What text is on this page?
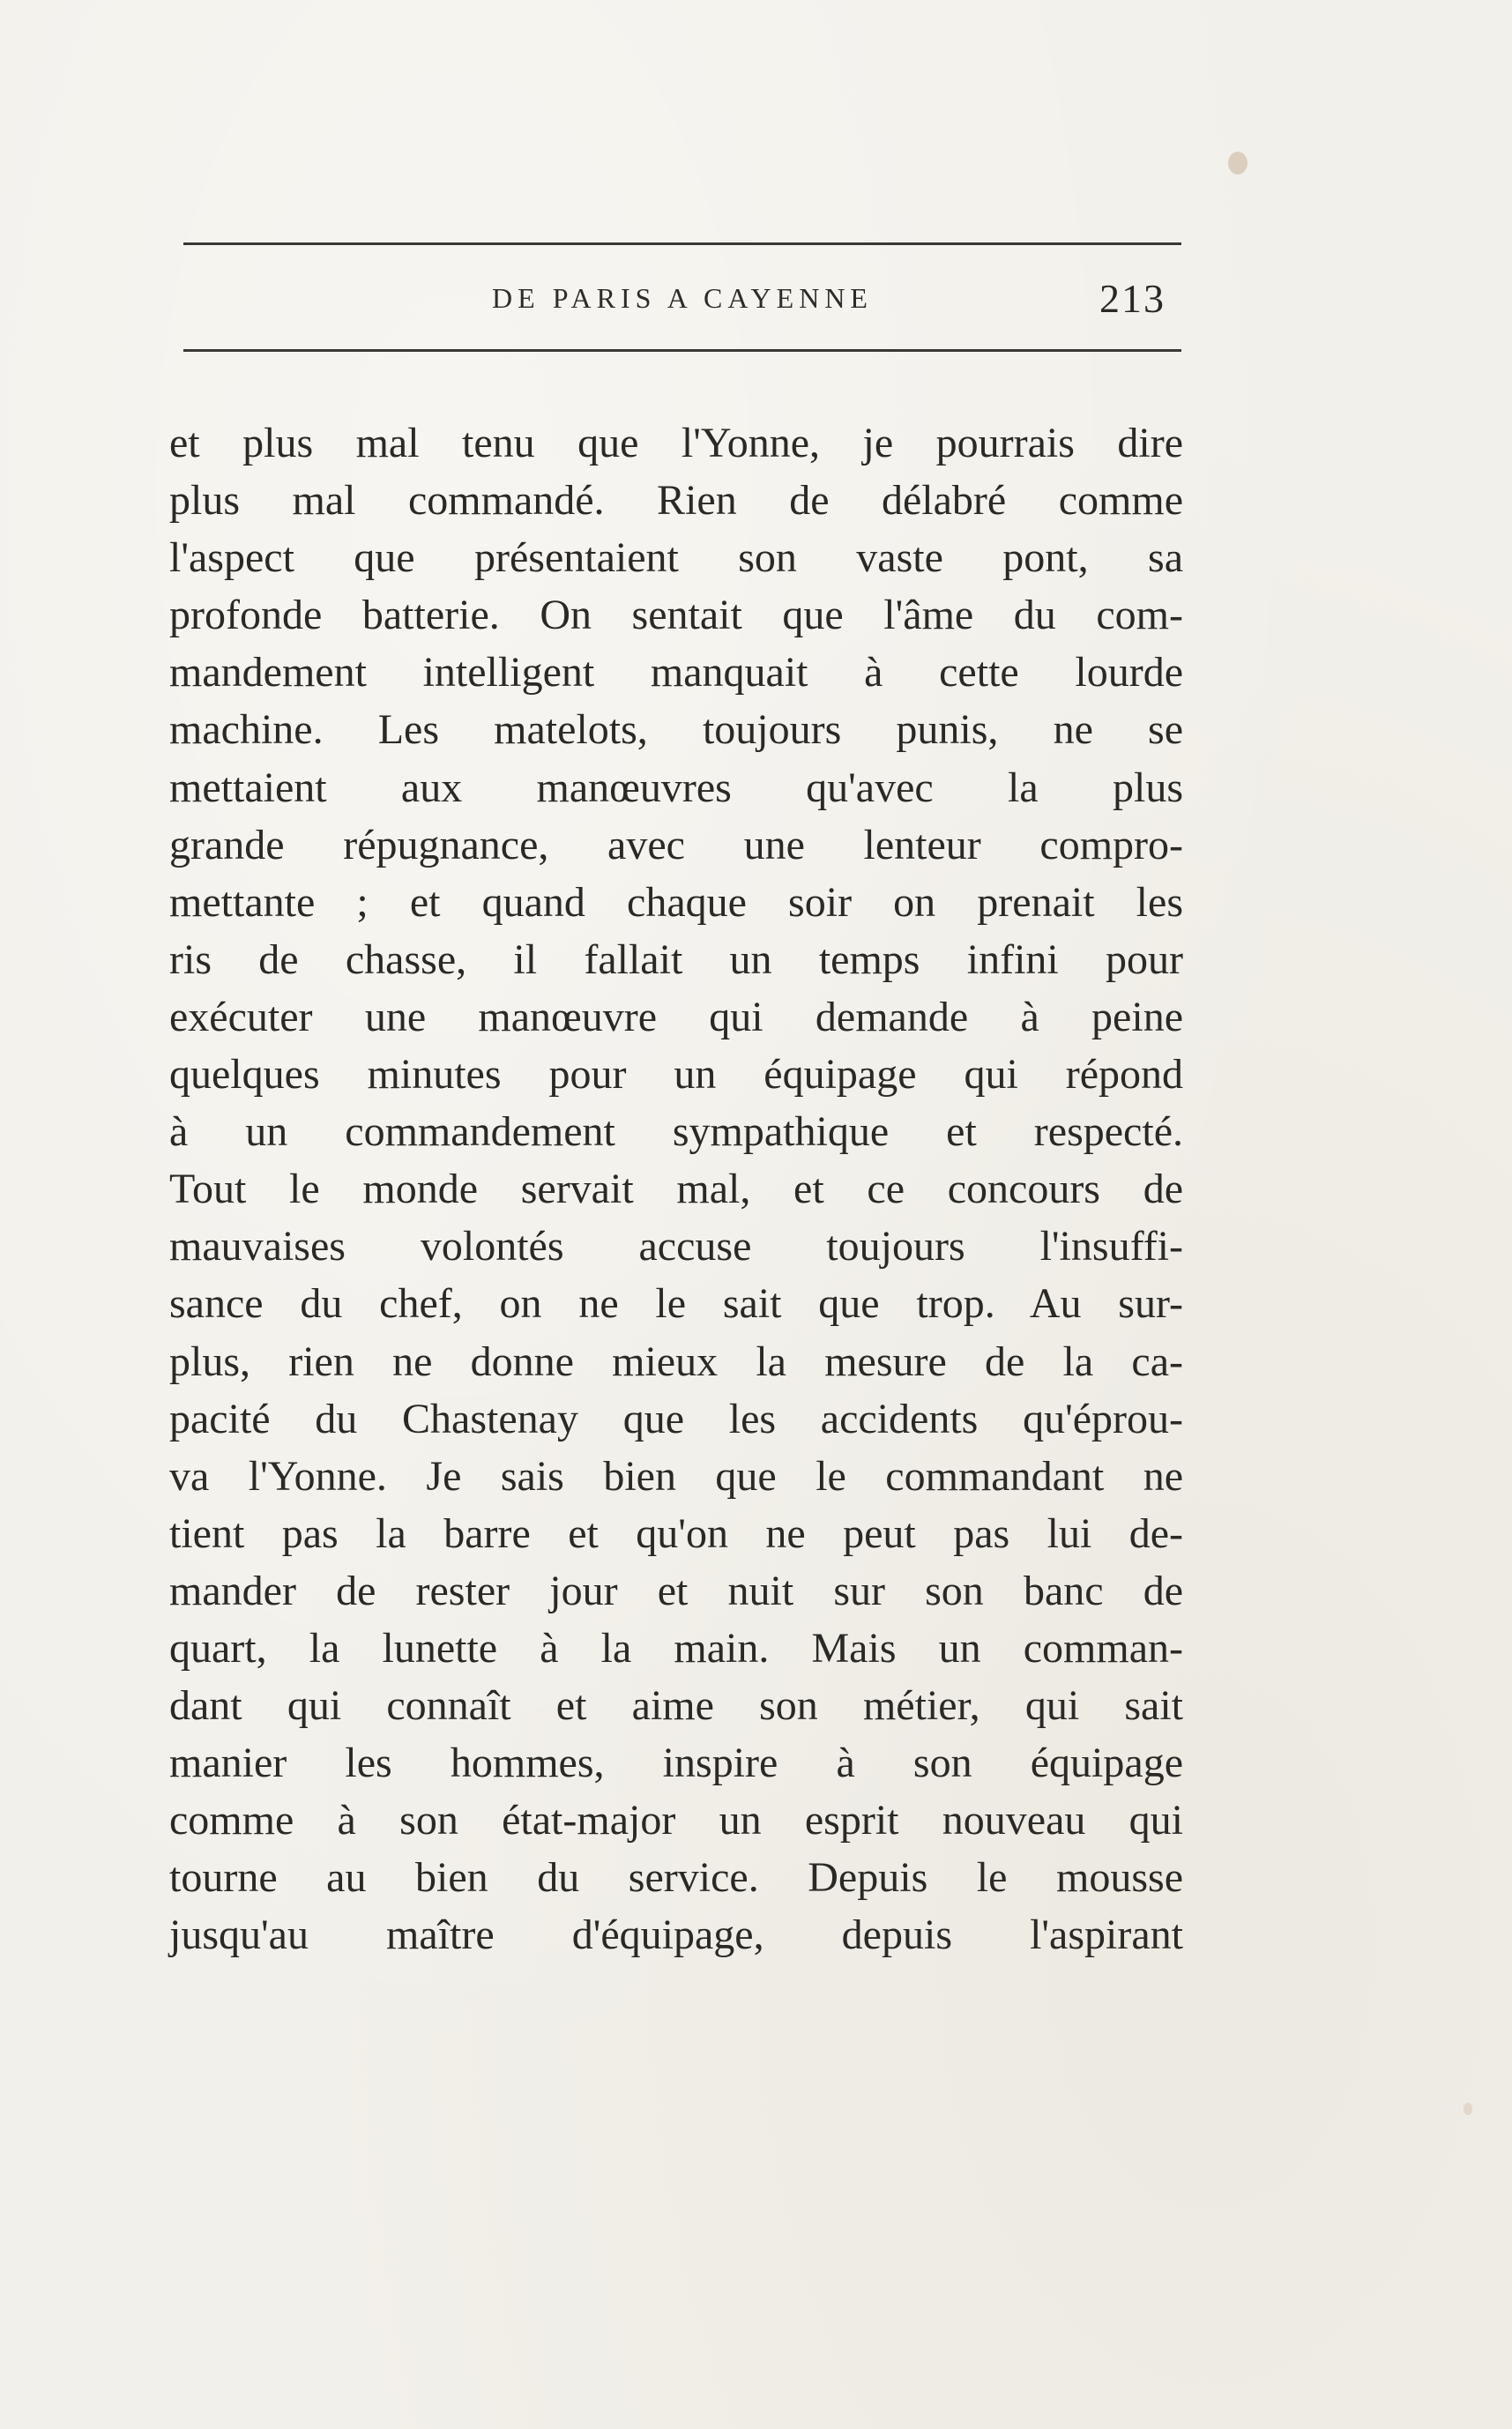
DE PARIS A CAYENNE	213
et plus mal tenu que l'Yonne, je pourrais dire
plus mal commandé. Rien de délabré comme
l'aspect que présentaient son vaste pont, sa
profonde batterie. On sentait que l'âme du com-
mandement intelligent manquait à cette lourde
machine. Les matelots, toujours punis, ne se
mettaient aux manœuvres qu'avec la plus
grande répugnance, avec une lenteur compro-
mettante ; et quand chaque soir on prenait les
ris de chasse, il fallait un temps infini pour
exécuter une manœuvre qui demande à peine
quelques minutes pour un équipage qui répond
à un commandement sympathique et respecté.
Tout le monde servait mal, et ce concours de
mauvaises volontés accuse toujours l'insuffi-
sance du chef, on ne le sait que trop. Au sur-
plus, rien ne donne mieux la mesure de la ca-
pacité du Chastenay que les accidents qu'éprou-
va l'Yonne. Je sais bien que le commandant ne
tient pas la barre et qu'on ne peut pas lui de-
mander de rester jour et nuit sur son banc de
quart, la lunette à la main. Mais un comman-
dant qui connaît et aime son métier, qui sait
manier les hommes, inspire à son équipage
comme à son état-major un esprit nouveau qui
tourne au bien du service. Depuis le mousse
jusqu'au maître d'équipage, depuis l'aspirant
